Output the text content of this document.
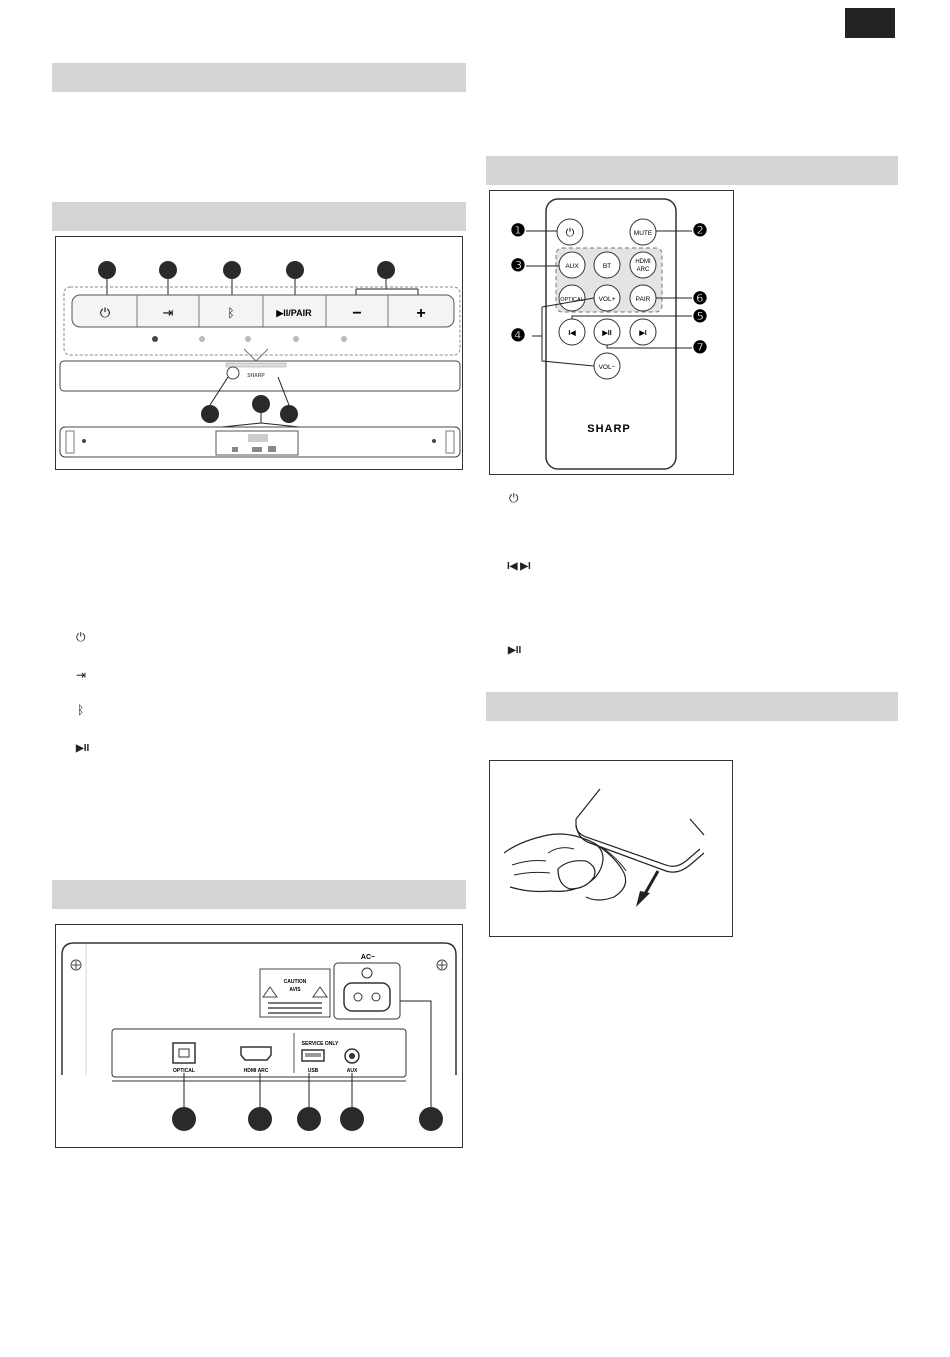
⏻	⇥	ᛒ	▶II/PAIR	−	+
SHARP
⏻
⇥
ᛒ
▶II
CAUTION
AVIS
AC~
OPTICAL	HDMI ARC
SERVICE ONLY
USB	AUX
⏻	MUTE
AUX	BT
HDMI
ARC
OPTICAL VOL+	PAIR
I◀	▶II	▶I
VOL−
SHARP
❶	❷
❸
❹
❺
❻
❼
⏻
I◀ ▶I
▶II
